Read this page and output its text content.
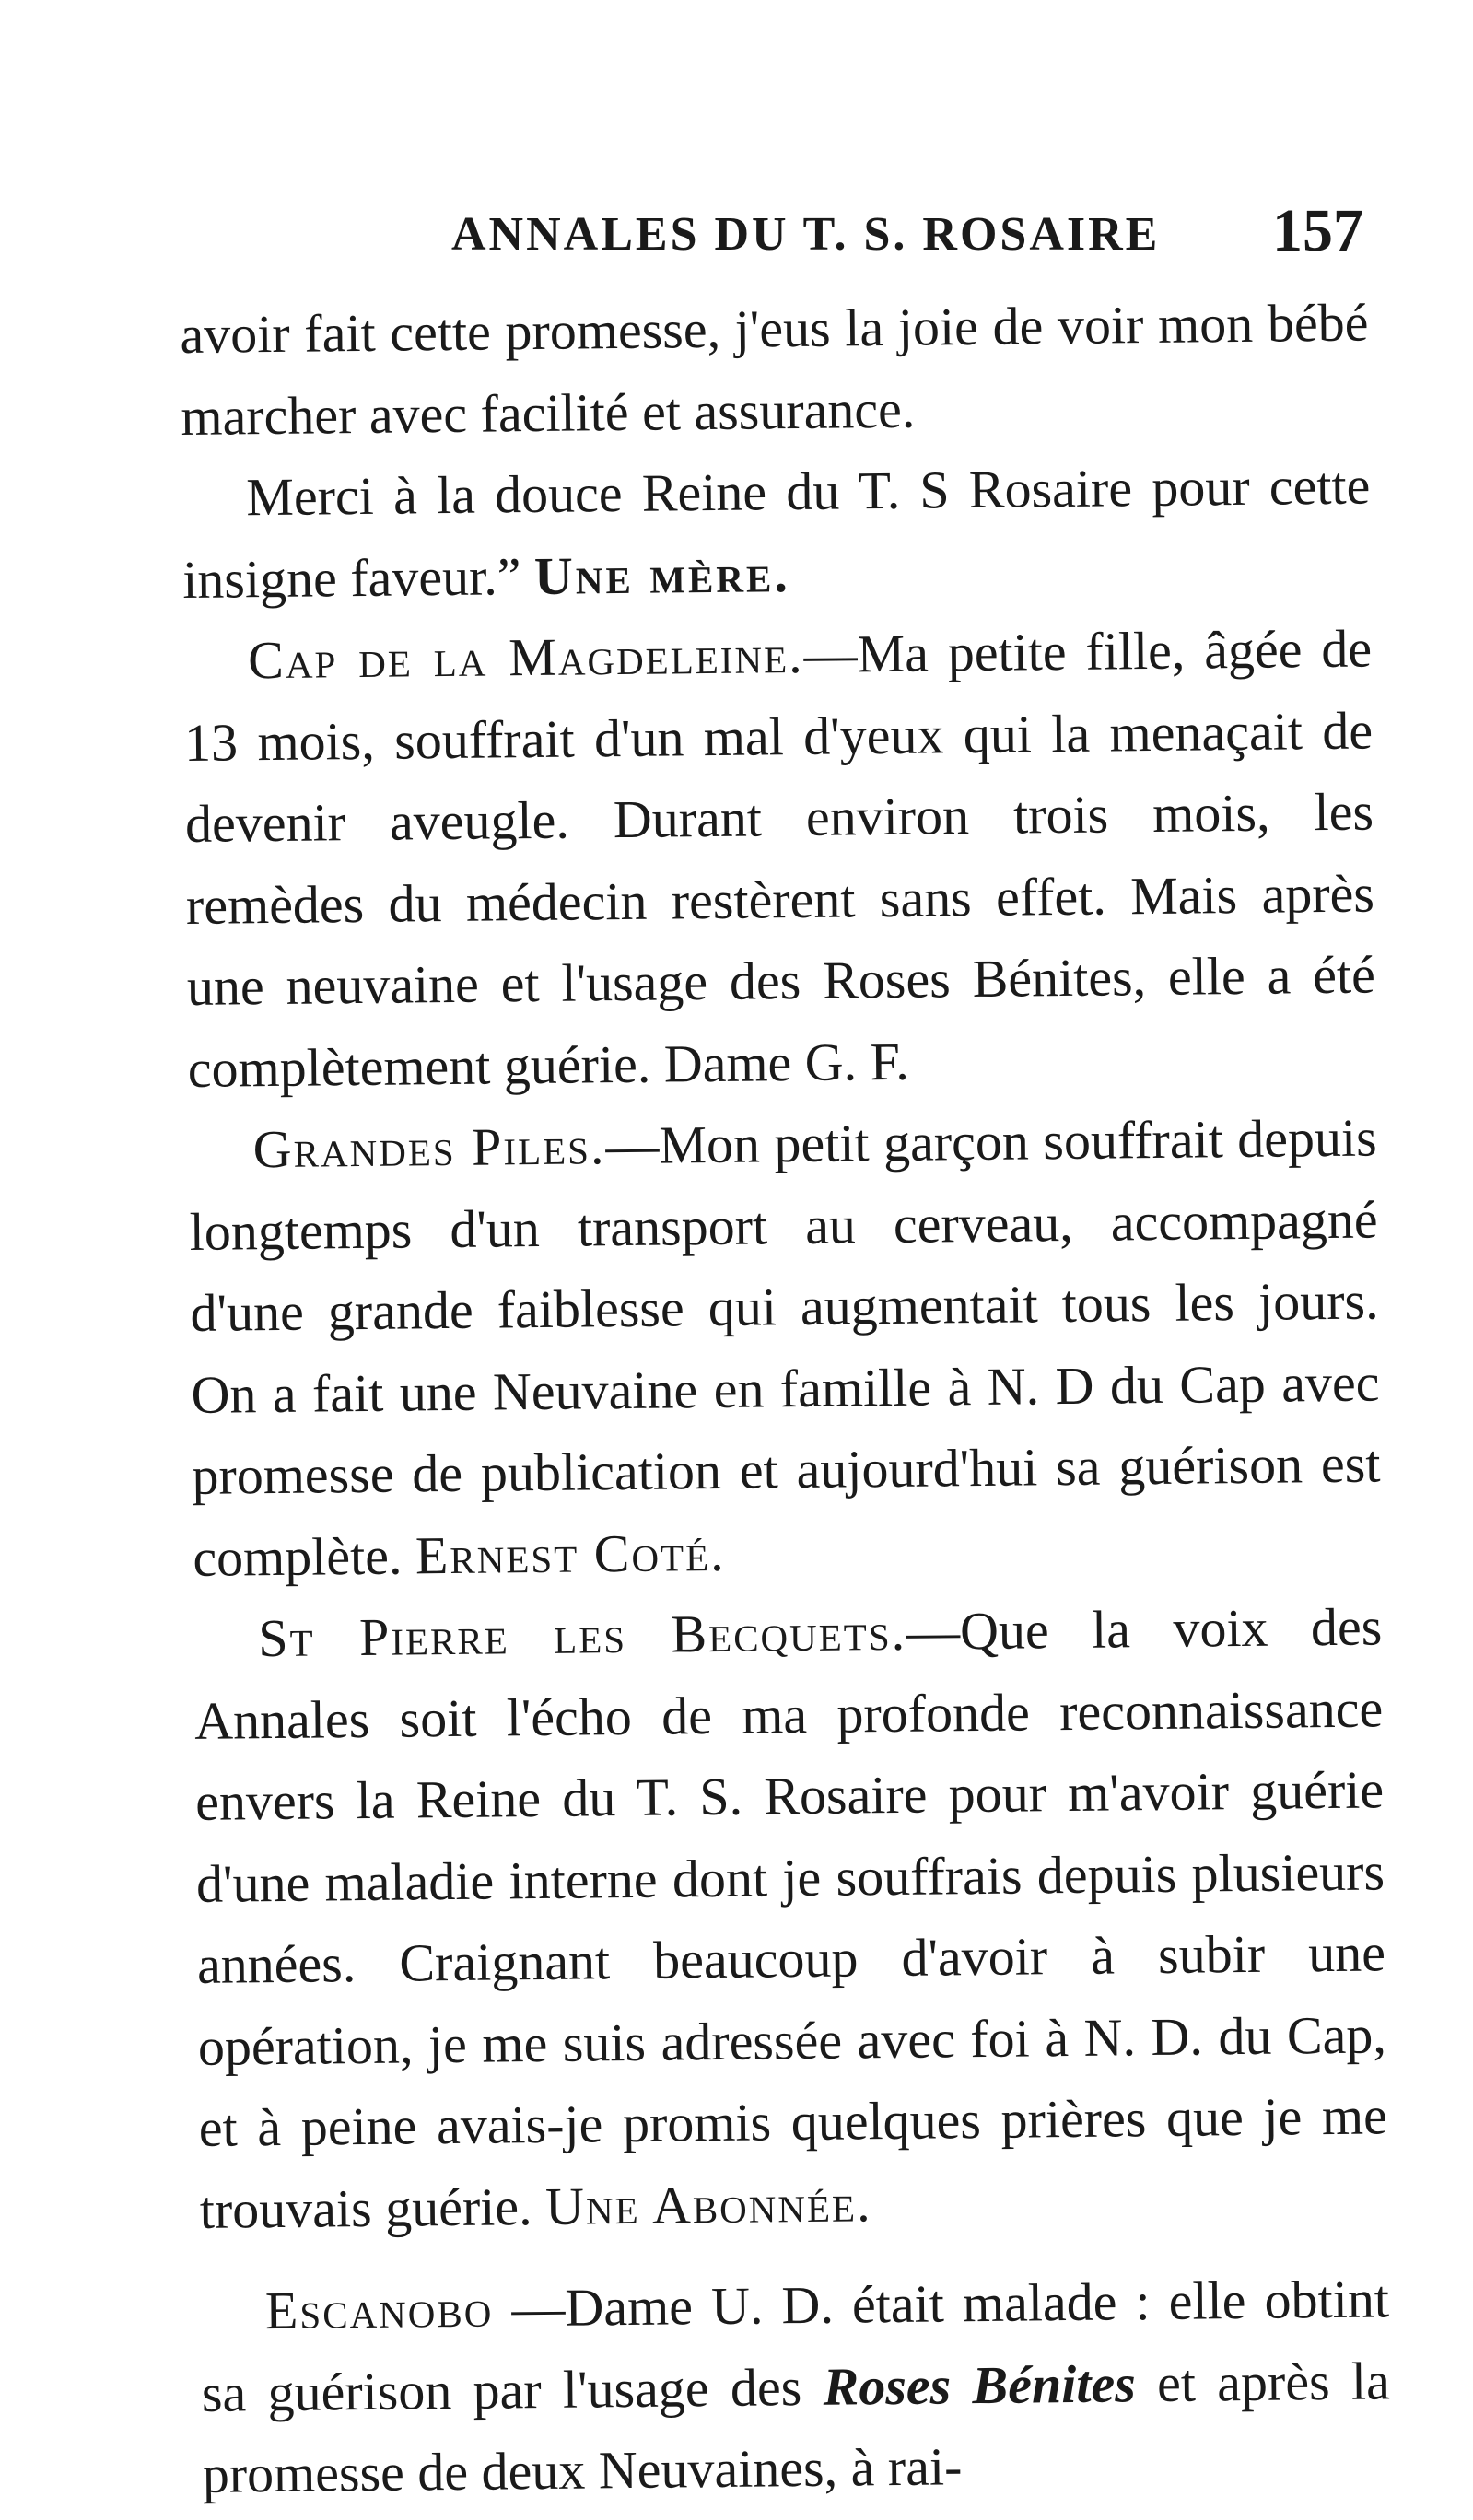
ANNALES DU T. S. ROSAIRE 157

avoir fait cette promesse, j'eus la joie de voir mon bébé marcher avec facilité et assurance.

Merci à la douce Reine du T. S Rosaire pour cette insigne faveur.” Une mère.

Cap de la Magdeleine.—Ma petite fille, âgée de 13 mois, souffrait d'un mal d'yeux qui la menaçait de devenir aveugle. Durant environ trois mois, les remèdes du médecin restèrent sans effet. Mais après une neuvaine et l'usage des Roses Bénites, elle a été complètement guérie. Dame G. F.

Grandes Piles.—Mon petit garçon souffrait depuis longtemps d'un transport au cerveau, accompagné d'une grande faiblesse qui augmentait tous les jours. On a fait une Neuvaine en famille à N. D du Cap avec promesse de publication et aujourd'hui sa guérison est complète. Ernest Coté.

St Pierre les Becquets.—Que la voix des Annales soit l'écho de ma profonde reconnaissance envers la Reine du T. S. Rosaire pour m'avoir guérie d'une maladie interne dont je souffrais depuis plusieurs années. Craignant beaucoup d'avoir à subir une opération, je me suis adressée avec foi à N. D. du Cap, et à peine avais-je promis quelques prières que je me trouvais guérie. Une Abonnée.

Escanobo —Dame U. D. était malade : elle obtint sa guérison par l'usage des Roses Bénites et après la promesse de deux Neuvaines, à rai-
